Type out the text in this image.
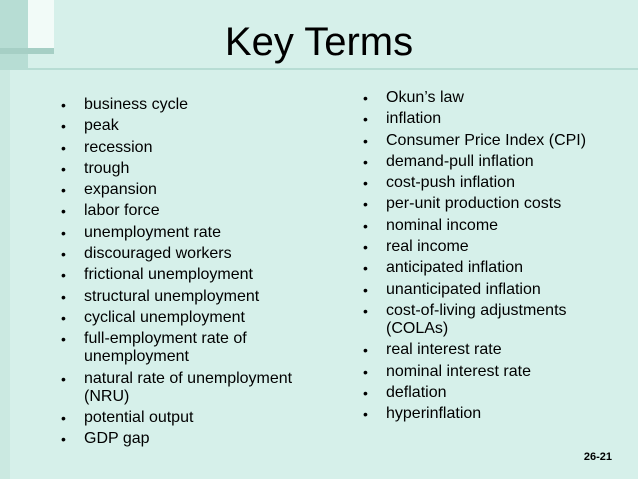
Key Terms
• business cycle
• peak
• recession
• trough
• expansion
• labor force
• unemployment rate
• discouraged workers
• frictional unemployment
• structural unemployment
• cyclical unemployment
• full-employment rate of unemployment
• natural rate of unemployment (NRU)
• potential output
• GDP gap
• Okun’s law
• inflation
• Consumer Price Index (CPI)
• demand-pull inflation
• cost-push inflation
• per-unit production costs
• nominal income
• real income
• anticipated inflation
• unanticipated inflation
• cost-of-living adjustments (COLAs)
• real interest rate
• nominal interest rate
• deflation
• hyperinflation
26-21
